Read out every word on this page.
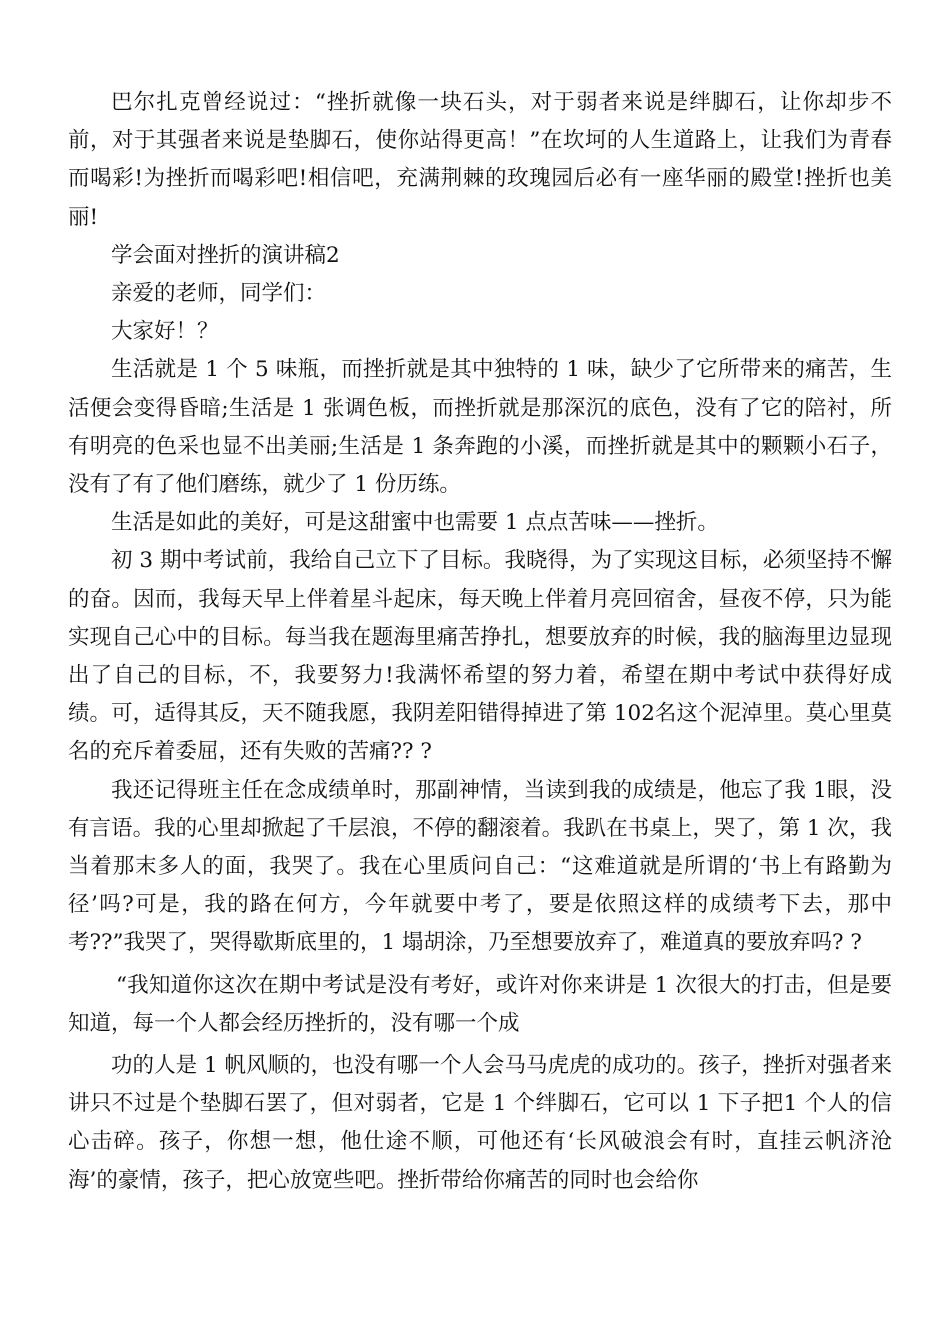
巴尔扎克曾经说过：“挫折就像一块石头，对于弱者来说是绊脚石，让你却步不前，对于其强者来说是垫脚石，使你站得更高！”在坎坷的人生道路上，让我们为青春而喝彩!为挫折而喝彩吧!相信吧，充满荆棘的玫瑰园后必有一座华丽的殿堂!挫折也美丽!

学会面对挫折的演讲稿2

亲爱的老师，同学们：

大家好！？

生活就是 1 个 5 味瓶，而挫折就是其中独特的 1 味，缺少了它所带来的痛苦，生活便会变得昏暗;生活是 1 张调色板，而挫折就是那深沉的底色，没有了它的陪衬，所有明亮的色采也显不出美丽;生活是 1 条奔跑的小溪，而挫折就是其中的颗颗小石子，没有了有了他们磨练，就少了 1 份历练。

生活是如此的美好，可是这甜蜜中也需要 1 点点苦味——挫折。

初 3 期中考试前，我给自己立下了目标。我晓得，为了实现这目标，必须坚持不懈的奋。因而，我每天早上伴着星斗起床，每天晚上伴着月亮回宿舍，昼夜不停，只为能实现自己心中的目标。每当我在题海里痛苦挣扎，想要放弃的时候，我的脑海里边显现出了自己的目标，不，我要努力!我满怀希望的努力着，希望在期中考试中获得好成绩。可，适得其反，天不随我愿，我阴差阳错得掉进了第 102名这个泥淖里。莫心里莫名的充斥着委屈，还有失败的苦痛?? ?

我还记得班主任在念成绩单时，那副神情，当读到我的成绩是，他忘了我 1眼，没有言语。我的心里却掀起了千层浪，不停的翻滚着。我趴在书桌上，哭了，第 1 次，我当着那末多人的面，我哭了。我在心里质问自己：“这难道就是所谓的‘书上有路勤为径’吗?可是，我的路在何方，今年就要中考了，要是依照这样的成绩考下去，那中考??”我哭了，哭得歇斯底里的，1 塌胡涂，乃至想要放弃了，难道真的要放弃吗? ?

“我知道你这次在期中考试是没有考好，或许对你来讲是 1 次很大的打击，但是要知道，每一个人都会经历挫折的，没有哪一个成

功的人是 1 帆风顺的，也没有哪一个人会马马虎虎的成功的。孩子，挫折对强者来讲只不过是个垫脚石罢了，但对弱者，它是 1 个绊脚石，它可以 1 下子把1 个人的信心击碎。孩子，你想一想，他仕途不顺，可他还有‘长风破浪会有时，直挂云帆济沧海’的豪情，孩子，把心放宽些吧。挫折带给你痛苦的同时也会给你
